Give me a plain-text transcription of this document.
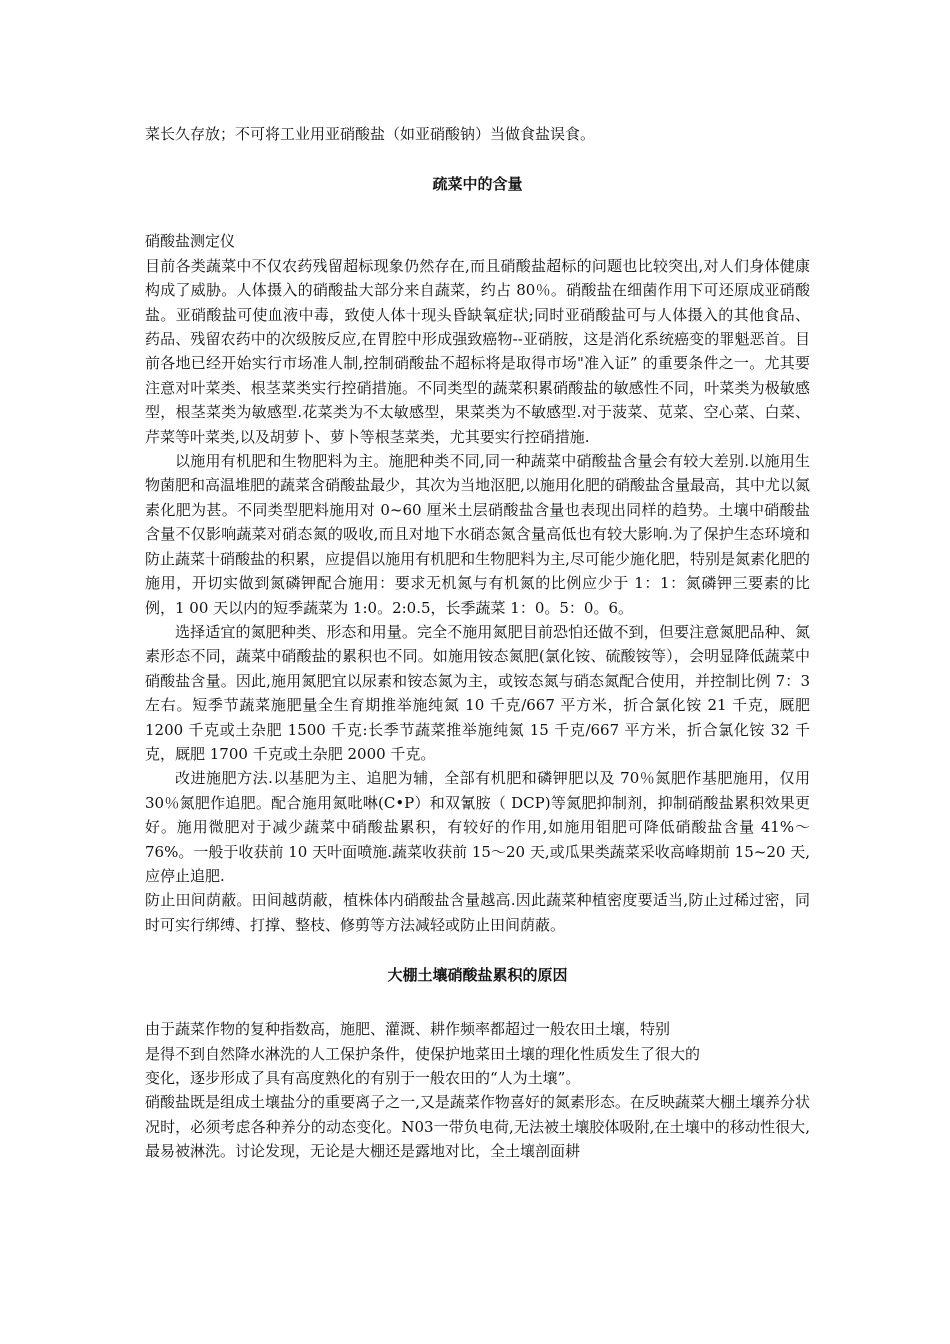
菜长久存放；不可将工业用亚硝酸盐（如亚硝酸钠）当做食盐误食。

疏菜中的含量

硝酸盐测定仪

目前各类蔬菜中不仅农药残留超标现象仍然存在,而且硝酸盐超标的问题也比较突出,对人们身体健康构成了威胁。人体摄入的硝酸盐大部分来自蔬菜，约占 80％。硝酸盐在细菌作用下可还原成亚硝酸盐。亚硝酸盐可使血液中毒，致使人体十现头昏缺氧症状;同时亚硝酸盐可与人体摄入的其他食品、药品、残留农药中的次级胺反应,在胃腔中形成强致癌物--亚硝胺，这是消化系统癌变的罪魁恶首。目前各地已经开始实行市场准人制,控制硝酸盐不超标将是取得市场"准入证” 的重要条件之一。尤其要注意对叶菜类、根茎菜类实行控硝措施。不同类型的蔬菜积累硝酸盐的敏感性不同，叶菜类为极敏感型，根茎菜类为敏感型.花菜类为不太敏感型，果菜类为不敏感型.对于菠菜、苋菜、空心菜、白菜、芹菜等叶菜类,以及胡萝卜、萝卜等根茎菜类，尤其要实行控硝措施.

以施用有机肥和生物肥料为主。施肥种类不同,同一种蔬菜中硝酸盐含量会有较大差别.以施用生物菌肥和高温堆肥的蔬菜含硝酸盐最少，其次为当地沤肥,以施用化肥的硝酸盐含量最高，其中尤以氮素化肥为甚。不同类型肥料施用对 0~60 厘米土层硝酸盐含量也表现出同样的趋势。土壤中硝酸盐含量不仅影响蔬菜对硝态氮的吸收,而且对地下水硝态氮含量高低也有较大影响.为了保护生态环境和防止蔬菜十硝酸盐的积累，应提倡以施用有机肥和生物肥料为主,尽可能少施化肥，特别是氮素化肥的施用，开切实做到氮磷钾配合施用：要求无机氮与有机氮的比例应少于 1：1：氮磷钾三要素的比例，1 00 天以内的短季蔬菜为 1:0。2:0.5，长季蔬菜 1：0。5：0。6。

选择适宜的氮肥种类、形态和用量。完全不施用氮肥目前恐怕还做不到，但要注意氮肥品种、氮素形态不同，蔬菜中硝酸盐的累积也不同。如施用铵态氮肥(氯化铵、硫酸铵等），会明显降低蔬菜中硝酸盐含量。因此,施用氮肥宜以尿素和铵态氮为主，或铵态氮与硝态氮配合使用，并控制比例 7：3 左右。短季节蔬菜施肥量全生育期推举施纯氮 10 千克/667 平方米，折合氯化铵 21 千克，厩肥 1200 千克或土杂肥 1500 千克:长季节蔬菜推举施纯氮 15 千克/667 平方米，折合氯化铵 32 千克，厩肥 1700 千克或土杂肥 2000 千克。

改进施肥方法.以基肥为主、追肥为辅，全部有机肥和磷钾肥以及 70％氮肥作基肥施用，仅用 30％氮肥作追肥。配合施用氮吡啉(C•P）和双氰胺（ DCP)等氮肥抑制剂，抑制硝酸盐累积效果更好。施用微肥对于减少蔬菜中硝酸盐累积，有较好的作用,如施用钼肥可降低硝酸盐含量 41%～76%。一般于收获前 10 天叶面喷施.蔬菜收获前 15～20 天,或瓜果类蔬菜采收高峰期前 15~20 天,应停止追肥.

防止田间荫蔽。田间越荫蔽，植株体内硝酸盐含量越高.因此蔬菜种植密度要适当,防止过稀过密，同时可实行绑缚、打撑、整枝、修剪等方法减轻或防止田间荫蔽。

大棚土壤硝酸盐累积的原因

由于蔬菜作物的复种指数高，施肥、灌溉、耕作频率都超过一般农田土壤，特别

是得不到自然降水淋洗的人工保护条件，使保护地菜田土壤的理化性质发生了很大的

变化，逐步形成了具有高度熟化的有别于一般农田的“人为土壤”。

硝酸盐既是组成土壤盐分的重要离子之一,又是蔬菜作物喜好的氮素形态。在反映蔬菜大棚土壤养分状况时，必须考虑各种养分的动态变化。N03一带负电荷,无法被土壤胶体吸附,在土壤中的移动性很大,最易被淋洗。讨论发现，无论是大棚还是露地对比，全土壤剖面耕
